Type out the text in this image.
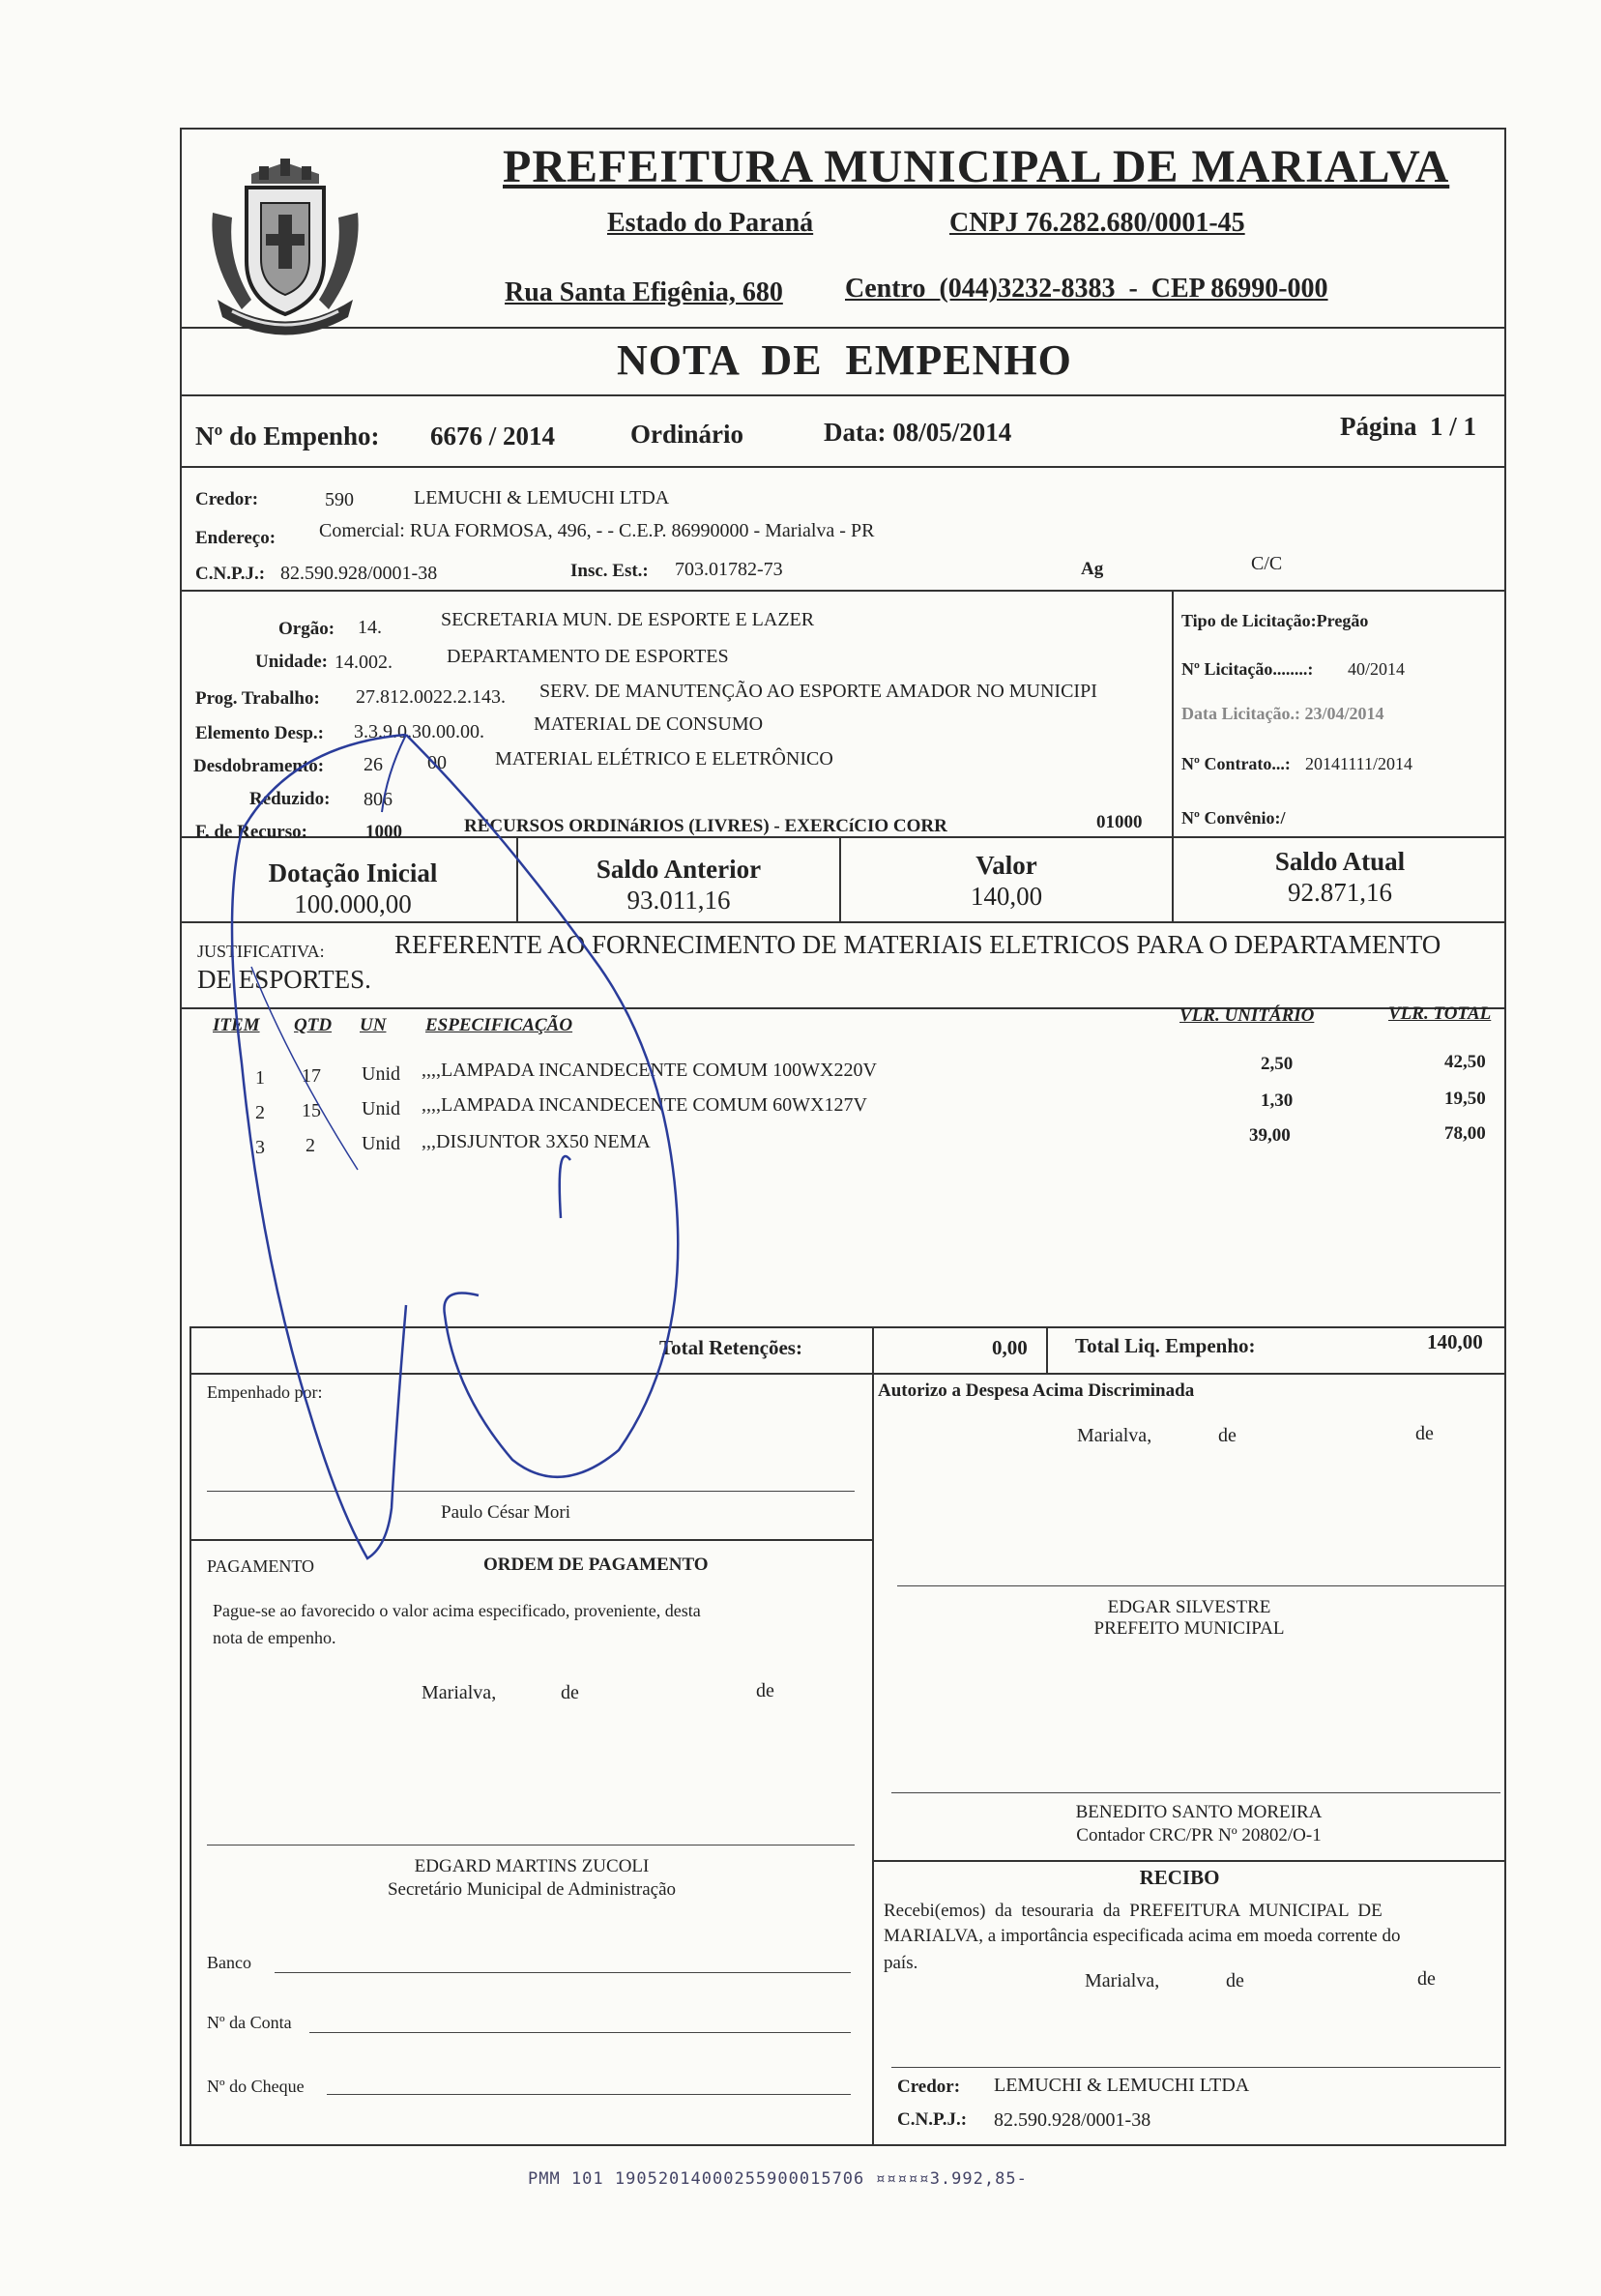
PREFEITURA MUNICIPAL DE MARIALVA
Estado do Paraná	CNPJ 76.282.680/0001-45
Rua Santa Efigênia, 680 Centro  (044)3232-8383  -  CEP 86990-000
NOTA  DE  EMPENHO
Nº do Empenho: 6676 / 2014	Ordinário	Data: 08/05/2014	Página  1 / 1
Credor:	590	LEMUCHI & LEMUCHI LTDA
Endereço: Comercial: RUA FORMOSA, 496, - - C.E.P. 86990000 - Marialva - PR
C.N.P.J.: 82.590.928/0001-38	Insc. Est.: 703.01782-73	Ag	C/C
Orgão: 14.	SECRETARIA MUN. DE ESPORTE E LAZER
Unidade: 14.002.	DEPARTAMENTO DE ESPORTES
Prog. Trabalho: 27.812.0022.2.143. SERV. DE MANUTENÇÃO AO ESPORTE AMADOR NO MUNICIPI
Elemento Desp.: 3.3.9.0.30.00.00.	MATERIAL DE CONSUMO
Desdobramento: 26 00	MATERIAL ELÉTRICO E ELETRÔNICO
Reduzido: 806
F. de Recurso:	1000	RECURSOS ORDINáRIOS (LIVRES) - EXERCíCIO CORR	01000
Tipo de Licitação:Pregão
Nº Licitação........: 40/2014
Data Licitação.: 23/04/2014
Nº Contrato...: 20141111/2014
Nº Convênio:/
Dotação Inicial
100.000,00
Saldo Anterior
93.011,16
Valor
140,00
Saldo Atual
92.871,16
JUSTIFICATIVA:	REFERENTE AO FORNECIMENTO DE MATERIAIS ELETRICOS PARA O DEPARTAMENTO
DE ESPORTES.
ITEM QTD UN ESPECIFICAÇÃO	VLR. UNITÁRIO	VLR. TOTAL
1 17 Unid ,,,,LAMPADA INCANDECENTE COMUM 100WX220V	2,50	42,50
2 15 Unid ,,,,LAMPADA INCANDECENTE COMUM 60WX127V	1,30	19,50
3 2 Unid ,,,DISJUNTOR 3X50 NEMA	39,00	78,00
Total Retenções:	0,00 Total Liq. Empenho:	140,00
Empenhado por:
Paulo César Mori
Autorizo a Despesa Acima Discriminada
Marialva,	de	de
EDGAR SILVESTRE
PREFEITO MUNICIPAL
PAGAMENTO	ORDEM DE PAGAMENTO
Pague-se ao favorecido o valor acima especificado, proveniente, desta
nota de empenho.
Marialva,	de	de
EDGARD MARTINS ZUCOLI
Secretário Municipal de Administração
Banco
Nº da Conta
Nº do Cheque
BENEDITO SANTO MOREIRA
Contador CRC/PR Nº 20802/O-1
RECIBO
Recebi(emos)  da  tesouraria  da  PREFEITURA  MUNICIPAL  DE
MARIALVA, a importância especificada acima em moeda corrente do
país.
Marialva,	de	de
Credor: LEMUCHI & LEMUCHI LTDA
C.N.P.J.: 82.590.928/0001-38
PMM 101 19052014000255900015706 ¤¤¤¤¤3.992,85-
